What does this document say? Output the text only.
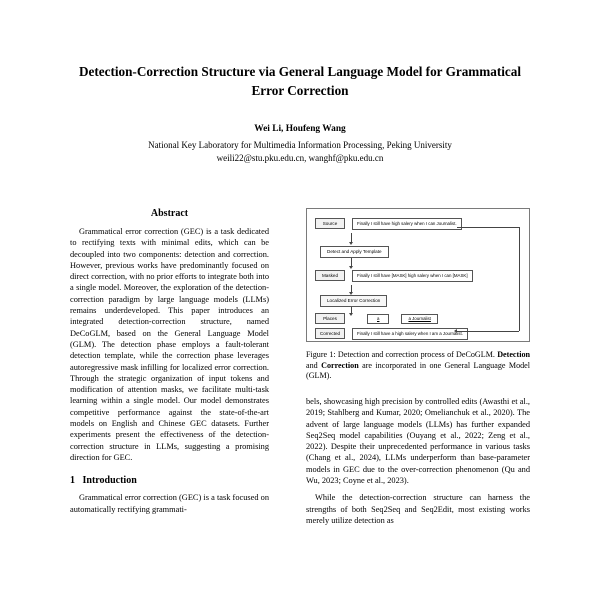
Detection-Correction Structure via General Language Model for Grammatical Error Correction
Wei Li, Houfeng Wang
National Key Laboratory for Multimedia Information Processing, Peking University
weili22@stu.pku.edu.cn, wanghf@pku.edu.cn
Abstract

Grammatical error correction (GEC) is a task dedicated to rectifying texts with minimal edits, which can be decoupled into two components: detection and correction. However, previous works have predominantly focused on direct correction, with no prior efforts to integrate both into a single model. Moreover, the exploration of the detection-correction paradigm by large language models (LLMs) remains underdeveloped. This paper introduces an integrated detection-correction structure, named DeCoGLM, based on the General Language Model (GLM). The detection phase employs a fault-tolerant detection template, while the correction phase leverages autoregressive mask infilling for localized error correction. Through the strategic organization of input tokens and modification of attention masks, we facilitate multi-task learning within a single model. Our model demonstrates competitive performance against the state-of-the-art models on English and Chinese GEC datasets. Further experiments present the effectiveness of the detection-correction structure in LLMs, suggesting a promising direction for GEC.

1 Introduction

Grammatical error correction (GEC) is a task focused on automatically rectifying grammati-

Source	Finally I still have high salery when I can Journalist.
Detect and Apply Template
Masked	Finally I still have [MASK] high salery when I can [MASK]
Localized Error Correction
Places	a	a Journalist
Corrected	Finally I still have a high salery when I am a Journalist.
Figure 1: Detection and correction process of DeCoGLM. Detection and Correction are incorporated in one General Language Model (GLM).

bels, showcasing high precision by controlled edits (Awasthi et al., 2019; Stahlberg and Kumar, 2020; Omelianchuk et al., 2020). The advent of large language models (LLMs) has further expanded Seq2Seq model capabilities (Ouyang et al., 2022; Zeng et al., 2022). Despite their unprecedented performance in various tasks (Chang et al., 2024), LLMs underperform than base-parameter models in GEC due to the over-correction phenomenon (Qu and Wu, 2023; Coyne et al., 2023).

While the detection-correction structure can harness the strengths of both Seq2Seq and Seq2Edit, most existing works merely utilize detection as
